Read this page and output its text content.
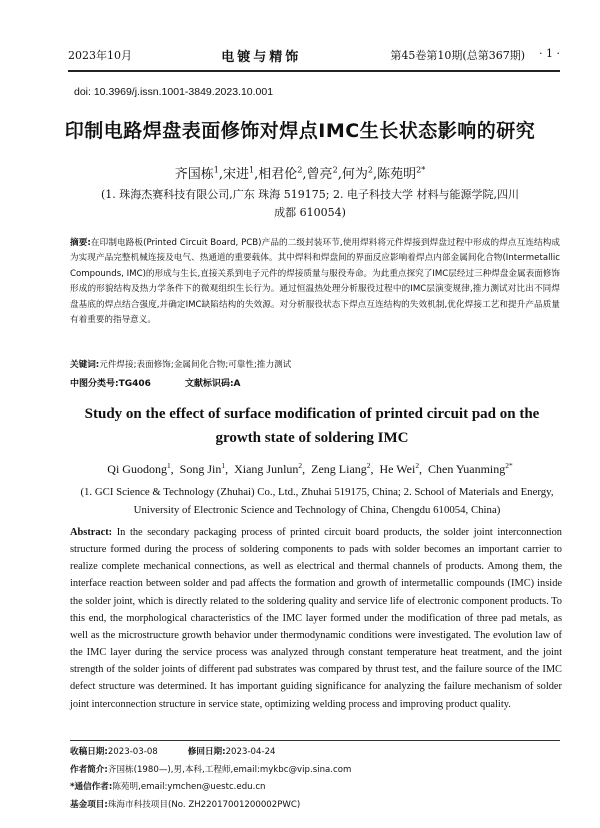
2023年10月	电镀与精饰	第45卷第10期(总第367期) · 1 ·
doi: 10.3969/j.issn.1001-3849.2023.10.001
印制电路焊盘表面修饰对焊点IMC生长状态影响的研究
齐国栋$^1$,宋进$^1$,相君伦$^2$,曾亮$^2$,何为$^2$,陈苑明$^{2*}$
(1. 珠海杰赛科技有限公司,广东 珠海 519175; 2. 电子科技大学 材料与能源学院,四川 成都 610054)
摘要:在印制电路板(Printed Circuit Board, PCB)产品的二级封装环节,使用焊料将元件焊接到焊盘过程中形成的焊点互连结构成为实现产品完整机械连接及电气、热通道的重要载体。其中焊料和焊盘间的界面反应影响着焊点内部金属间化合物(Intermetallic Compounds, IMC)的形成与生长,直接关系到电子元件的焊接质量与服役寿命。为此重点探究了IMC层经过三种焊盘金属表面修饰形成的形貌结构及热力学条件下的微观组织生长行为。通过恒温热处理分析服役过程中的IMC层演变规律,推力测试对比出不同焊盘基底的焊点结合强度,并确定IMC缺陷结构的失效源。对分析服役状态下焊点互连结构的失效机制,优化焊接工艺和提升产品质量有着重要的指导意义。
关键词:元件焊接;表面修饰;金属间化合物;可靠性;推力测试
中图分类号:TG406	文献标识码:A
Study on the effect of surface modification of printed circuit pad on the growth state of soldering IMC
Qi Guodong$^1$,  Song Jin$^1$,  Xiang Junlun$^2$,  Zeng Liang$^2$,  He Wei$^2$,  Chen Yuanming$^{2*}$
(1. GCI Science & Technology (Zhuhai) Co., Ltd., Zhuhai 519175, China; 2. School of Materials and Energy, University of Electronic Science and Technology of China, Chengdu 610054, China)
Abstract: In the secondary packaging process of printed circuit board products, the solder joint interconnection structure formed during the process of soldering components to pads with solder becomes an important carrier to realize complete mechanical connections, as well as electrical and thermal channels of products. Among them, the interface reaction between solder and pad affects the formation and growth of intermetallic compounds (IMC) inside the solder joint, which is directly related to the soldering quality and service life of electronic component products. To this end, the morphological characteristics of the IMC layer formed under the modification of three pad metals, as well as the microstructure growth behavior under thermodynamic conditions were investigated. The evolution law of the IMC layer during the service process was analyzed through constant temperature heat treatment, and the joint strength of the solder joints of different pad substrates was compared by thrust test, and the failure source of the IMC defect structure was determined. It has important guiding significance for analyzing the failure mechanism of solder joint interconnection structure in service state, optimizing welding process and improving product quality.
收稿日期:2023-03-08	修回日期:2023-04-24
作者简介:齐国栋(1980—),男,本科,工程师,email:mykbc@vip.sina.com
*通信作者:陈苑明,email:ymchen@uestc.edu.cn
基金项目:珠海市科技项目(No. ZH22017001200002PWC)
